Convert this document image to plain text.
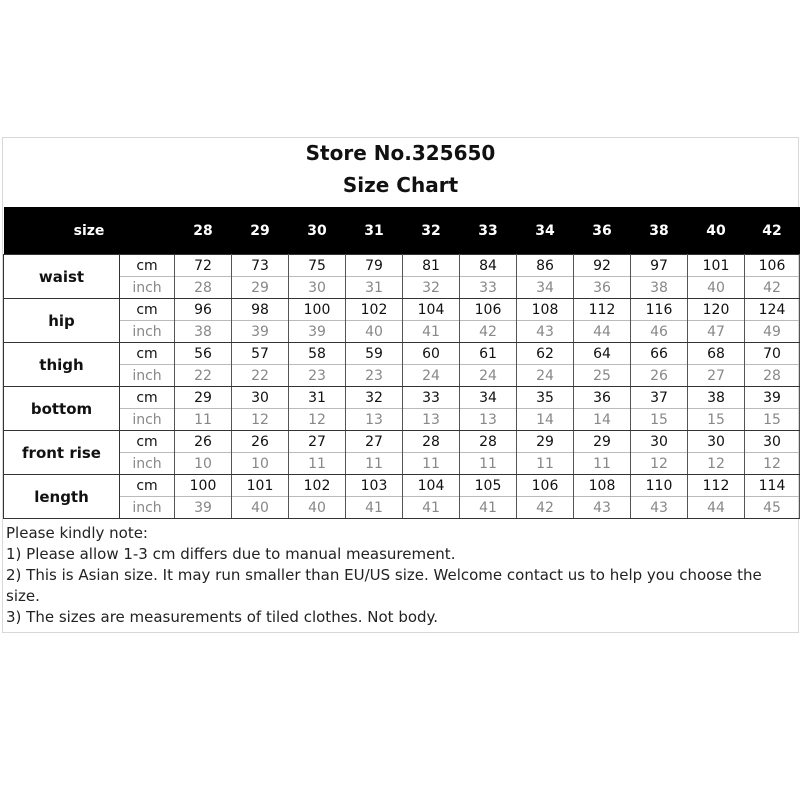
Store No.325650
Size Chart
size		28	29	30	31	32	33	34	36	38	40	42
waist	cm	72	73	75	79	81	84	86	92	97	101	106
	inch	28	29	30	31	32	33	34	36	38	40	42
hip	cm	96	98	100	102	104	106	108	112	116	120	124
	inch	38	39	39	40	41	42	43	44	46	47	49
thigh	cm	56	57	58	59	60	61	62	64	66	68	70
	inch	22	22	23	23	24	24	24	25	26	27	28
bottom	cm	29	30	31	32	33	34	35	36	37	38	39
	inch	11	12	12	13	13	13	14	14	15	15	15
front rise	cm	26	26	27	27	28	28	29	29	30	30	30
	inch	10	10	11	11	11	11	11	11	12	12	12
length	cm	100	101	102	103	104	105	106	108	110	112	114
	inch	39	40	40	41	41	41	42	43	43	44	45
Please kindly note:
1) Please allow 1-3 cm differs due to manual measurement.
2) This is Asian size. It may run smaller than EU/US size. Welcome contact us to help you choose the size.
3) The sizes are measurements of tiled clothes. Not body.
